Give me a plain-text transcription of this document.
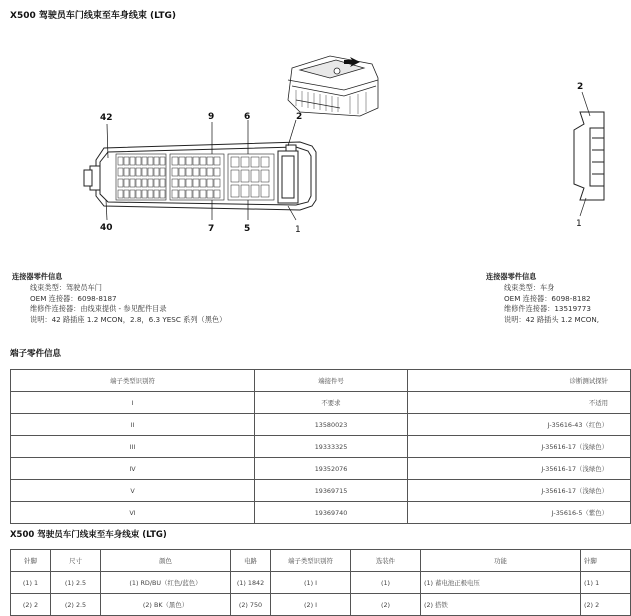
X500 驾驶员车门线束至车身线束 (LTG)
42
40
9	6	2
7	5	1
2
1
连接器零件信息
线束类型：驾驶员车门
OEM 连接器：6098-8187
维修件连接器：由线束提供 - 参见配件目录
说明：42 路插座 1.2 MCON，2.8，6.3 YESC 系列（黑色）
连接器零件信息
线束类型：车身
OEM 连接器：6098-8182
维修件连接器：13519773
说明：42 路插头 1.2 MCON,
端子零件信息
端子类型识别符	端接件号	诊断测试探针
I	不要求	不适用
II	13580023	J-35616-43（红色）
III	19333325	J-35616-17（浅绿色）
IV	19352076	J-35616-17（浅绿色）
V	19369715	J-35616-17（浅绿色）
VI	19369740	J-35616-5（紫色）
X500 驾驶员车门线束至车身线束 (LTG)
针脚	尺寸	颜色	电路	端子类型识别符	选装件	功能	针脚
(1) 1	(1) 2.5	(1) RD/BU（红色/蓝色）	(1) 1842	(1) I	(1)	(1) 蓄电池正极电压	(1) 1
(2) 2	(2) 2.5	(2) BK（黑色）	(2) 750	(2) I	(2)	(2) 搭铁	(2) 2
